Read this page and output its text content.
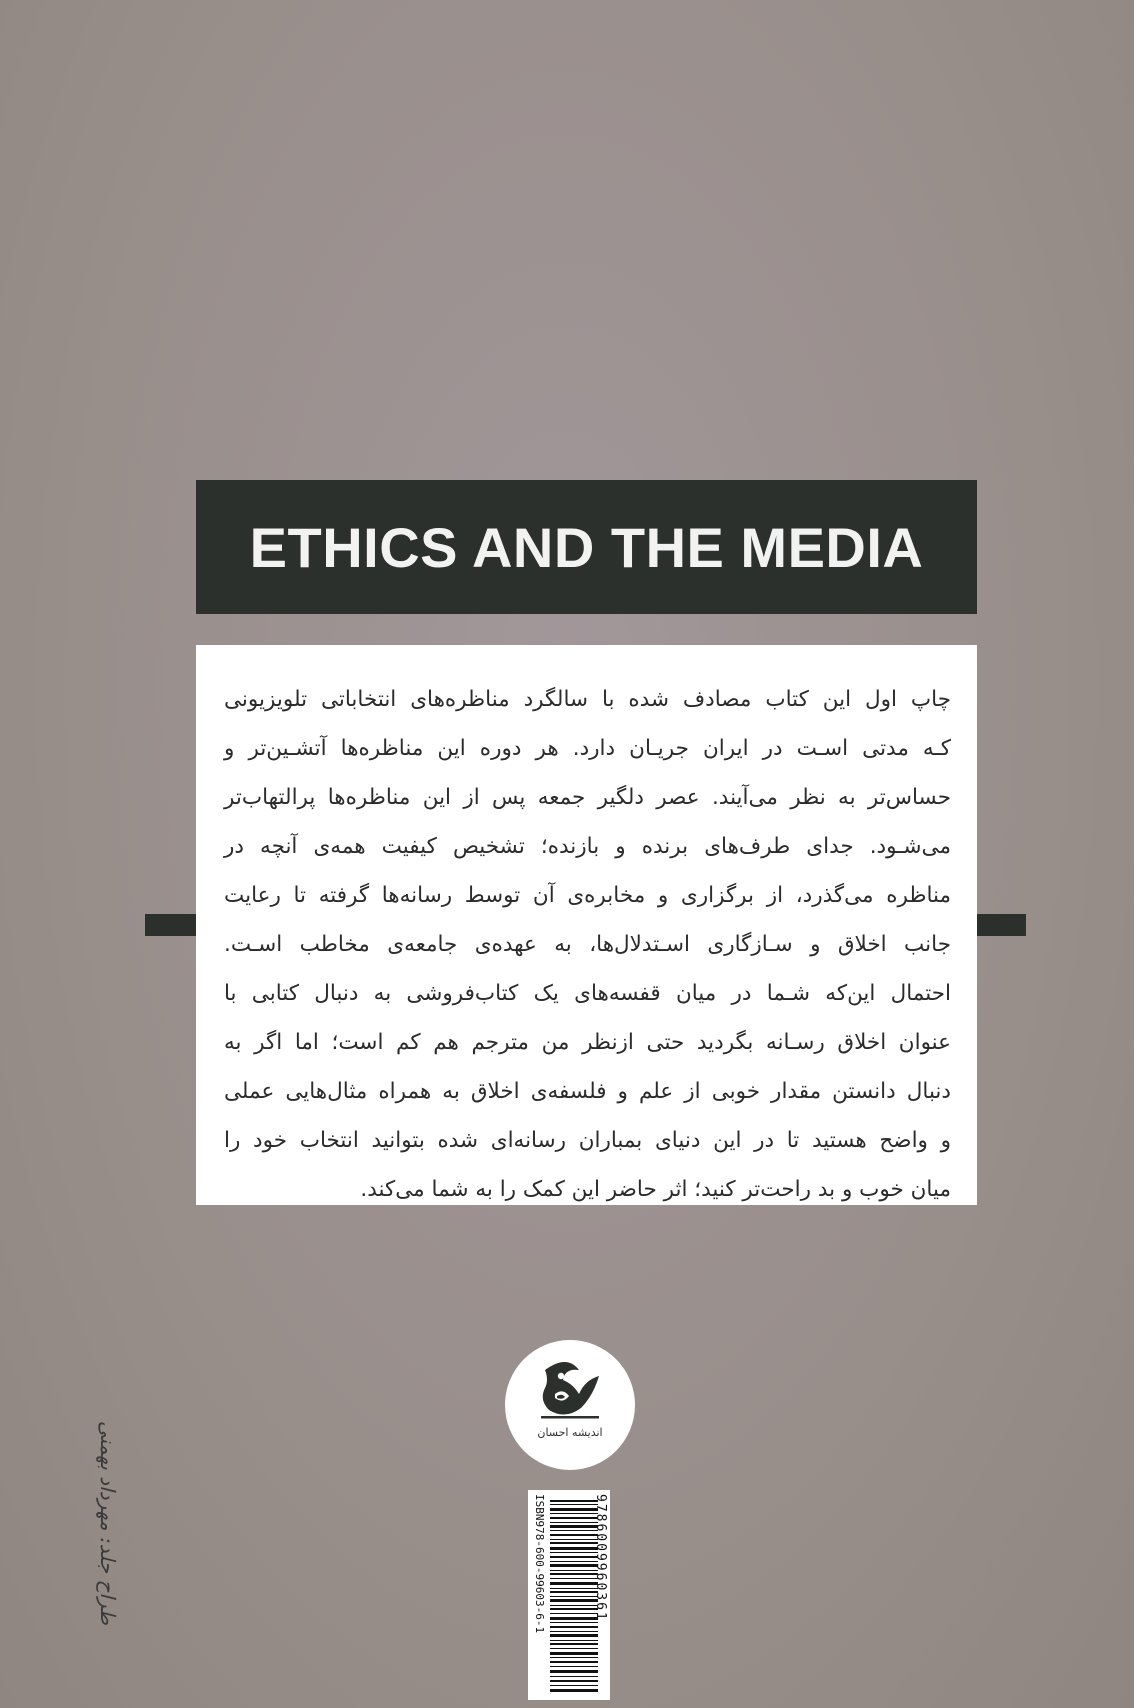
ETHICS AND THE MEDIA
چاپ اول این کتاب مصادف شده با سالگرد مناظره‌های انتخاباتی تلویزیونی
کـه مدتی اسـت در ایران جریـان دارد. هر دوره این مناظره‌ها آتشـین‌تر و
حساس‌تر به نظر می‌آیند. عصر دلگیر جمعه پس از این مناظره‌ها پرالتهاب‌تر
می‌شـود. جدای طرف‌های برنده و بازنده؛ تشخیص کیفیت همه‌ی آنچه در
مناظره می‌گذرد، از برگزاری و مخابره‌ی آن توسط رسانه‌ها گرفته تا رعایت
جانب اخلاق و سـازگاری اسـتدلال‌ها، به عهده‌ی جامعه‌ی مخاطب اسـت.
احتمال این‌که شـما در میان قفسه‌های یک کتاب‌فروشی به دنبال کتابی با
عنوان اخلاق رسـانه بگردید حتی ازنظر من مترجم هم کم است؛ اما اگر به
دنبال دانستن مقدار خوبی از علم و فلسفه‌ی اخلاق به همراه مثال‌هایی عملی
و واضح هستید تا در این دنیای بمباران رسانه‌ای شده بتوانید انتخاب خود را
میان خوب و بد راحت‌تر کنید؛ اثر حاضر این کمک را به شما می‌کند.
اندیشه احسان
ISBN978-600-99603-6-1	9786009960361
طراح جلد: مهرداد بهمنی
